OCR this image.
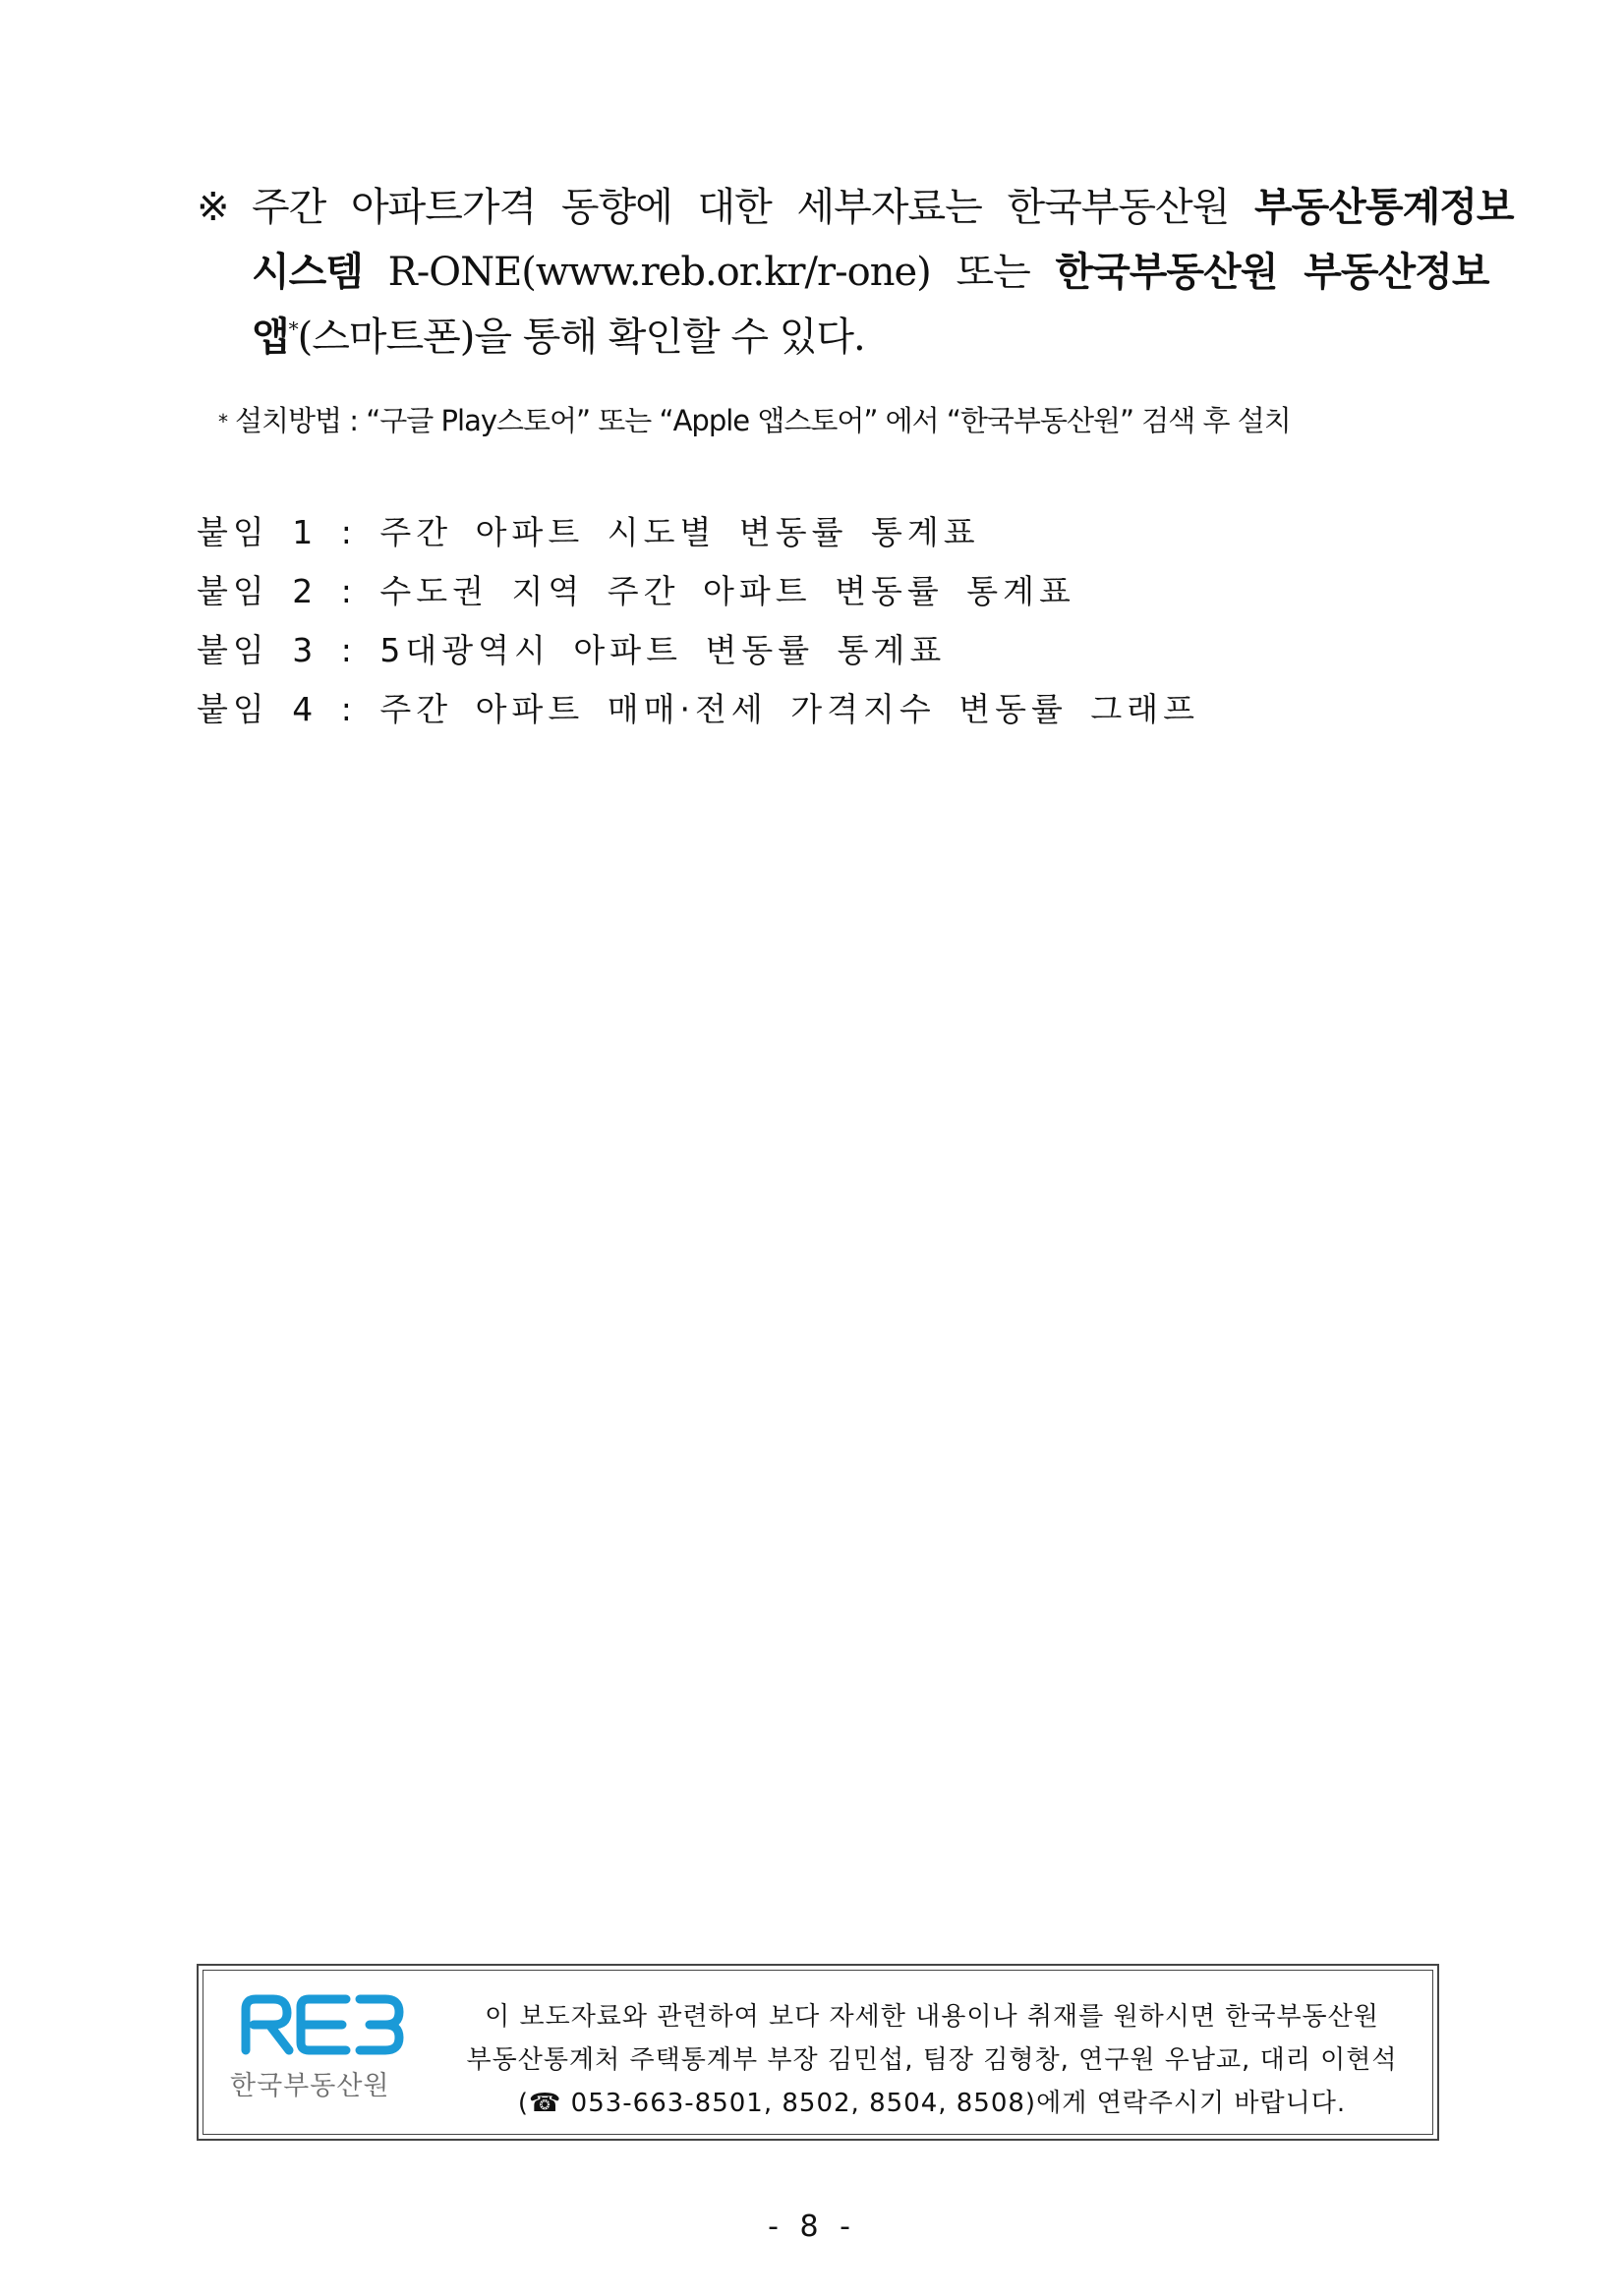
※ 주간 아파트가격 동향에 대한 세부자료는 한국부동산원 부동산통계정보
시스템 R-ONE(www.reb.or.kr/r-one) 또는 한국부동산원 부동산정보
앱*(스마트폰)을 통해 확인할 수 있다.
* 설치방법 : “구글 Play스토어” 또는 “Apple 앱스토어” 에서 “한국부동산원” 검색 후 설치
붙임 1 : 주간 아파트 시도별 변동률 통계표
붙임 2 : 수도권 지역 주간 아파트 변동률 통계표
붙임 3 : 5대광역시 아파트 변동률 통계표
붙임 4 : 주간 아파트 매매·전세 가격지수 변동률 그래프
한국부동산원
이 보도자료와 관련하여 보다 자세한 내용이나 취재를 원하시면 한국부동산원
부동산통계처 주택통계부 부장 김민섭, 팀장 김형창, 연구원 우남교, 대리 이현석
(☎ 053-663-8501, 8502, 8504, 8508)에게 연락주시기 바랍니다.
- 8 -
